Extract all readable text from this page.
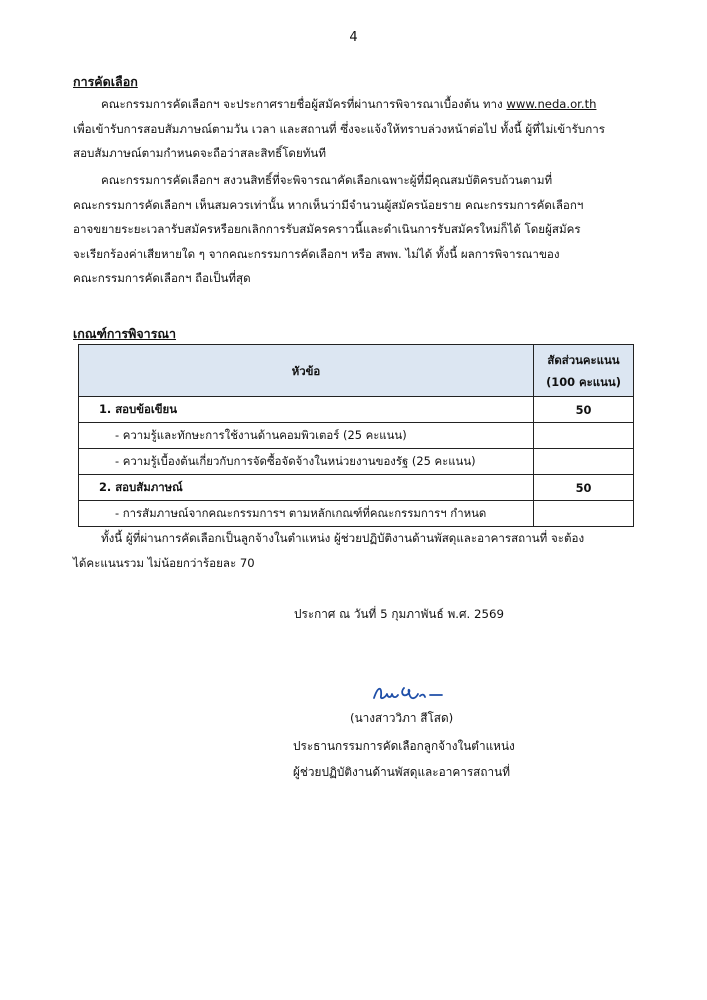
4
การคัดเลือก
คณะกรรมการคัดเลือกฯ จะประกาศรายชื่อผู้สมัครที่ผ่านการพิจารณาเบื้องต้น ทาง www.neda.or.th
เพื่อเข้ารับการสอบสัมภาษณ์ตามวัน เวลา และสถานที่ ซึ่งจะแจ้งให้ทราบล่วงหน้าต่อไป ทั้งนี้ ผู้ที่ไม่เข้ารับการ
สอบสัมภาษณ์ตามกำหนดจะถือว่าสละสิทธิ์โดยทันที
คณะกรรมการคัดเลือกฯ สงวนสิทธิ์ที่จะพิจารณาคัดเลือกเฉพาะผู้ที่มีคุณสมบัติครบถ้วนตามที่
คณะกรรมการคัดเลือกฯ เห็นสมควรเท่านั้น หากเห็นว่ามีจำนวนผู้สมัครน้อยราย คณะกรรมการคัดเลือกฯ
อาจขยายระยะเวลารับสมัครหรือยกเลิกการรับสมัครคราวนี้และดำเนินการรับสมัครใหม่ก็ได้ โดยผู้สมัคร
จะเรียกร้องค่าเสียหายใด ๆ จากคณะกรรมการคัดเลือกฯ หรือ สพพ. ไม่ได้ ทั้งนี้ ผลการพิจารณาของ
คณะกรรมการคัดเลือกฯ ถือเป็นที่สุด
เกณฑ์การพิจารณา
หัวข้อ	สัดส่วนคะแนน
(100 คะแนน)

1. สอบข้อเขียน	50
- ความรู้และทักษะการใช้งานด้านคอมพิวเตอร์ (25 คะแนน)	
- ความรู้เบื้องต้นเกี่ยวกับการจัดซื้อจัดจ้างในหน่วยงานของรัฐ (25 คะแนน)	
2. สอบสัมภาษณ์	50
- การสัมภาษณ์จากคณะกรรมการฯ ตามหลักเกณฑ์ที่คณะกรรมการฯ กำหนด	
ทั้งนี้ ผู้ที่ผ่านการคัดเลือกเป็นลูกจ้างในตำแหน่ง ผู้ช่วยปฏิบัติงานด้านพัสดุและอาคารสถานที่ จะต้อง
ได้คะแนนรวม ไม่น้อยกว่าร้อยละ 70
ประกาศ ณ วันที่ 5 กุมภาพันธ์ พ.ศ. 2569
(นางสาววิภา สีโสด)
ประธานกรรมการคัดเลือกลูกจ้างในตำแหน่ง
ผู้ช่วยปฏิบัติงานด้านพัสดุและอาคารสถานที่
